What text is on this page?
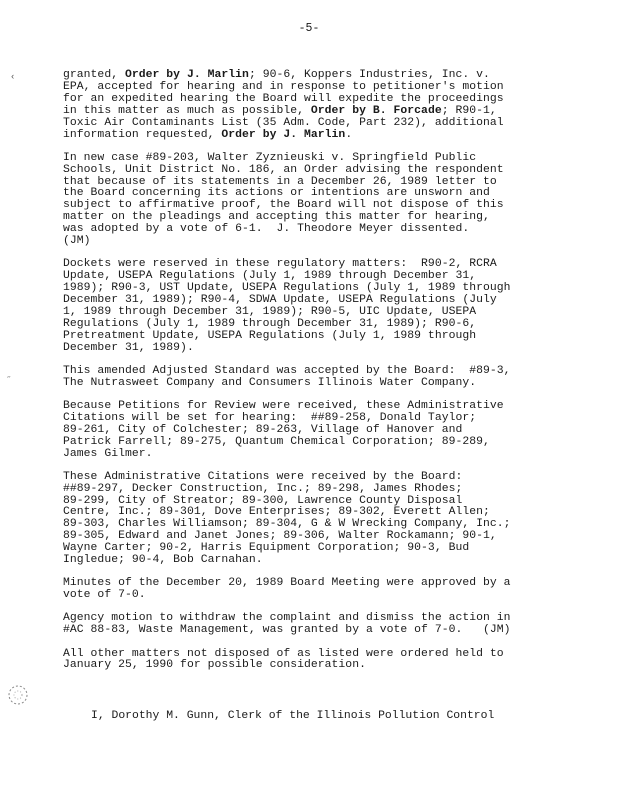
-5-
‹
˝
granted, Order by J. Marlin; 90-6, Koppers Industries, Inc. v.
EPA, accepted for hearing and in response to petitioner's motion
for an expedited hearing the Board will expedite the proceedings
in this matter as much as possible, Order by B. Forcade; R90-1,
Toxic Air Contaminants List (35 Adm. Code, Part 232), additional
information requested, Order by J. Marlin.
In new case #89-203, Walter Zyznieuski v. Springfield Public
Schools, Unit District No. 186, an Order advising the respondent
that because of its statements in a December 26, 1989 letter to
the Board concerning its actions or intentions are unsworn and
subject to affirmative proof, the Board will not dispose of this
matter on the pleadings and accepting this matter for hearing,
was adopted by a vote of 6-1.  J. Theodore Meyer dissented.
(JM)
Dockets were reserved in these regulatory matters:  R90-2, RCRA
Update, USEPA Regulations (July 1, 1989 through December 31,
1989); R90-3, UST Update, USEPA Regulations (July 1, 1989 through
December 31, 1989); R90-4, SDWA Update, USEPA Regulations (July
1, 1989 through December 31, 1989); R90-5, UIC Update, USEPA
Regulations (July 1, 1989 through December 31, 1989); R90-6,
Pretreatment Update, USEPA Regulations (July 1, 1989 through
December 31, 1989).
This amended Adjusted Standard was accepted by the Board:  #89-3,
The Nutrasweet Company and Consumers Illinois Water Company.
Because Petitions for Review were received, these Administrative
Citations will be set for hearing:  ##89-258, Donald Taylor;
89-261, City of Colchester; 89-263, Village of Hanover and
Patrick Farrell; 89-275, Quantum Chemical Corporation; 89-289,
James Gilmer.
These Administrative Citations were received by the Board:
##89-297, Decker Construction, Inc.; 89-298, James Rhodes;
89-299, City of Streator; 89-300, Lawrence County Disposal
Centre, Inc.; 89-301, Dove Enterprises; 89-302, Everett Allen;
89-303, Charles Williamson; 89-304, G & W Wrecking Company, Inc.;
89-305, Edward and Janet Jones; 89-306, Walter Rockamann; 90-1,
Wayne Carter; 90-2, Harris Equipment Corporation; 90-3, Bud
Ingledue; 90-4, Bob Carnahan.
Minutes of the December 20, 1989 Board Meeting were approved by a
vote of 7-0.
Agency motion to withdraw the complaint and dismiss the action in
#AC 88-83, Waste Management, was granted by a vote of 7-0.   (JM)
All other matters not disposed of as listed were ordered held to
January 25, 1990 for possible consideration.
I, Dorothy M. Gunn, Clerk of the Illinois Pollution Control
